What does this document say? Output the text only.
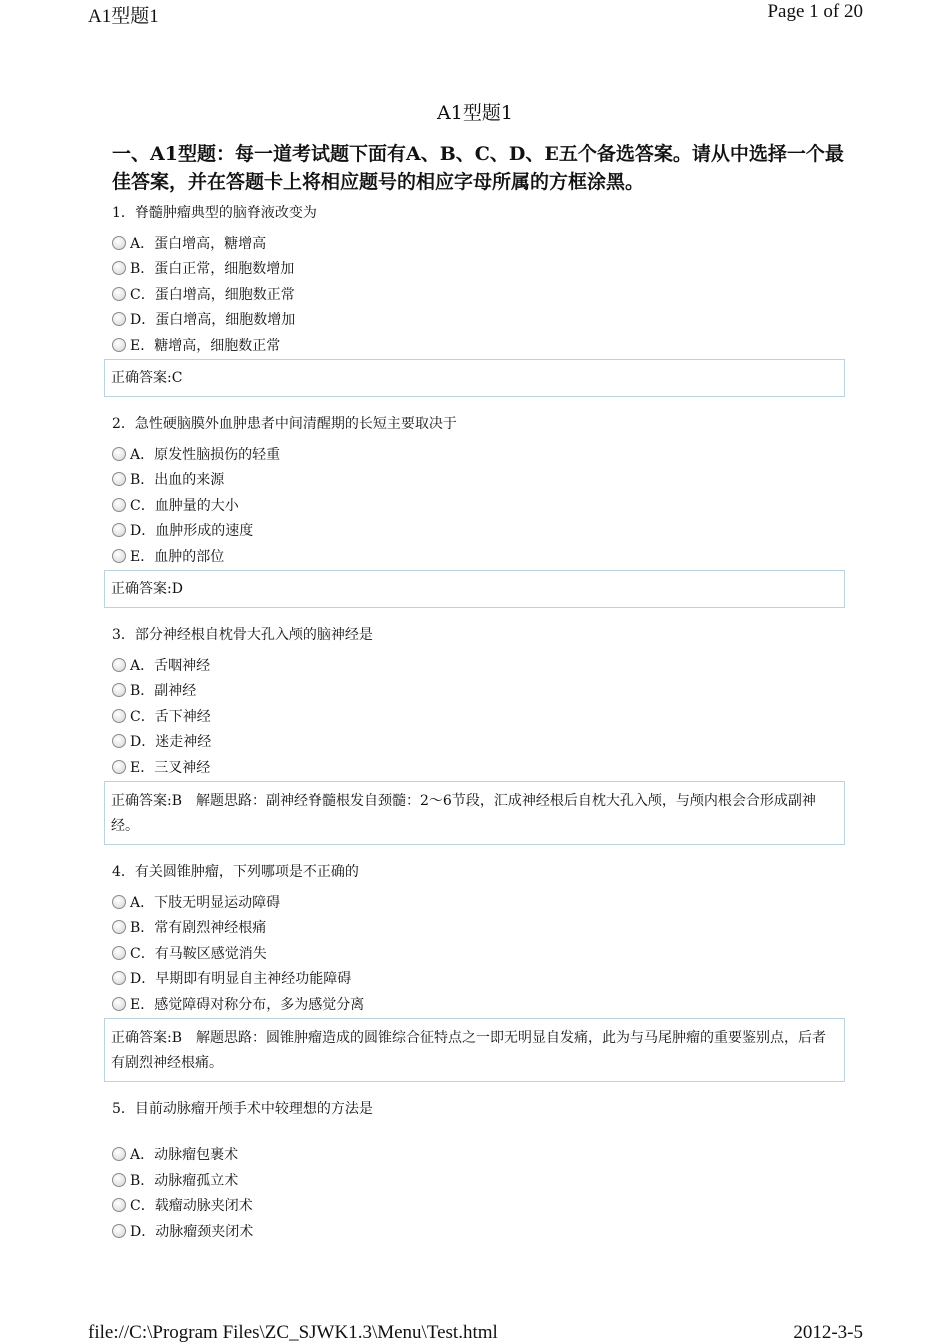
A1型题1	Page 1 of 20
A1型题1
一、A1型题：每一道考试题下面有A、B、C、D、E五个备选答案。请从中选择一个最佳答案，并在答题卡上将相应题号的相应字母所属的方框涂黑。
1．脊髓肿瘤典型的脑脊液改变为
A．蛋白增高，糖增高
B．蛋白正常，细胞数增加
C．蛋白增高，细胞数正常
D．蛋白增高，细胞数增加
E．糖增高，细胞数正常
正确答案:C
2．急性硬脑膜外血肿患者中间清醒期的长短主要取决于
A．原发性脑损伤的轻重
B．出血的来源
C．血肿量的大小
D．血肿形成的速度
E．血肿的部位
正确答案:D
3．部分神经根自枕骨大孔入颅的脑神经是
A．舌咽神经
B．副神经
C．舌下神经
D．迷走神经
E．三叉神经
正确答案:B　解题思路：副神经脊髓根发自颈髓：2～6节段，汇成神经根后自枕大孔入颅，与颅内根会合形成副神经。
4．有关圆锥肿瘤，下列哪项是不正确的
A．下肢无明显运动障碍
B．常有剧烈神经根痛
C．有马鞍区感觉消失
D．早期即有明显自主神经功能障碍
E．感觉障碍对称分布，多为感觉分离
正确答案:B　解题思路：圆锥肿瘤造成的圆锥综合征特点之一即无明显自发痛，此为与马尾肿瘤的重要鉴别点，后者有剧烈神经根痛。
5．目前动脉瘤开颅手术中较理想的方法是
A．动脉瘤包裹术
B．动脉瘤孤立术
C．载瘤动脉夹闭术
D．动脉瘤颈夹闭术
file://C:\Program Files\ZC_SJWK1.3\Menu\Test.html	2012-3-5
